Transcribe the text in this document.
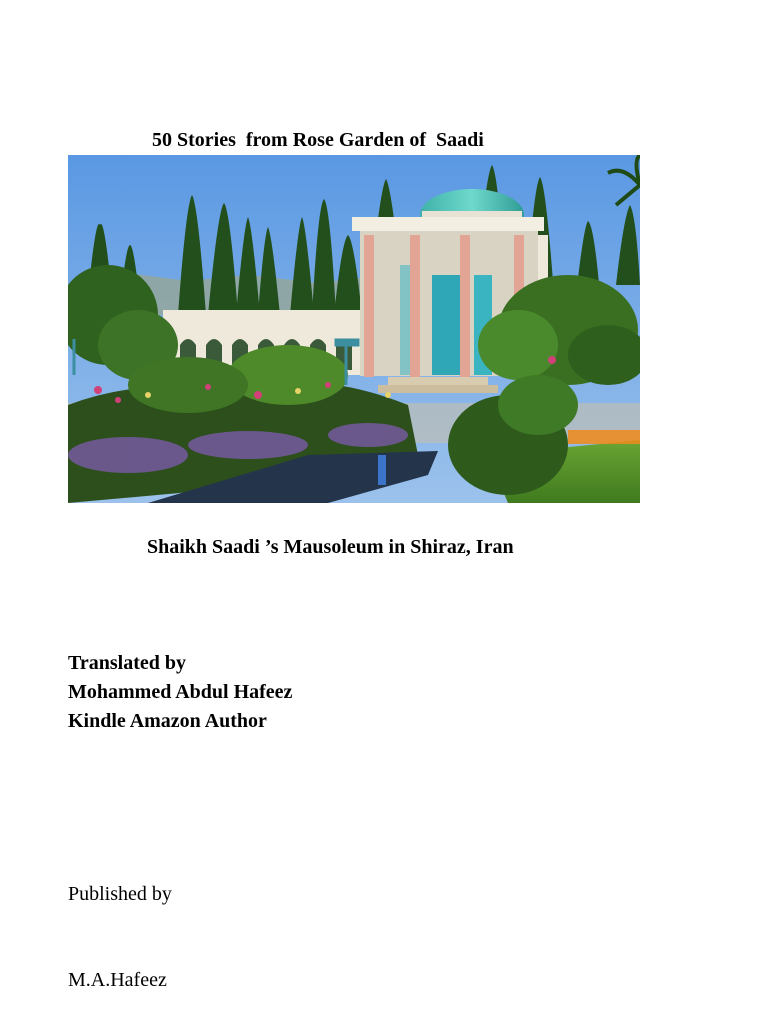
50 Stories  from Rose Garden of  Saadi
Shaikh Saadi ’s Mausoleum in Shiraz, Iran
Translated by
Mohammed Abdul Hafeez
Kindle Amazon Author
Published by
M.A.Hafeez
